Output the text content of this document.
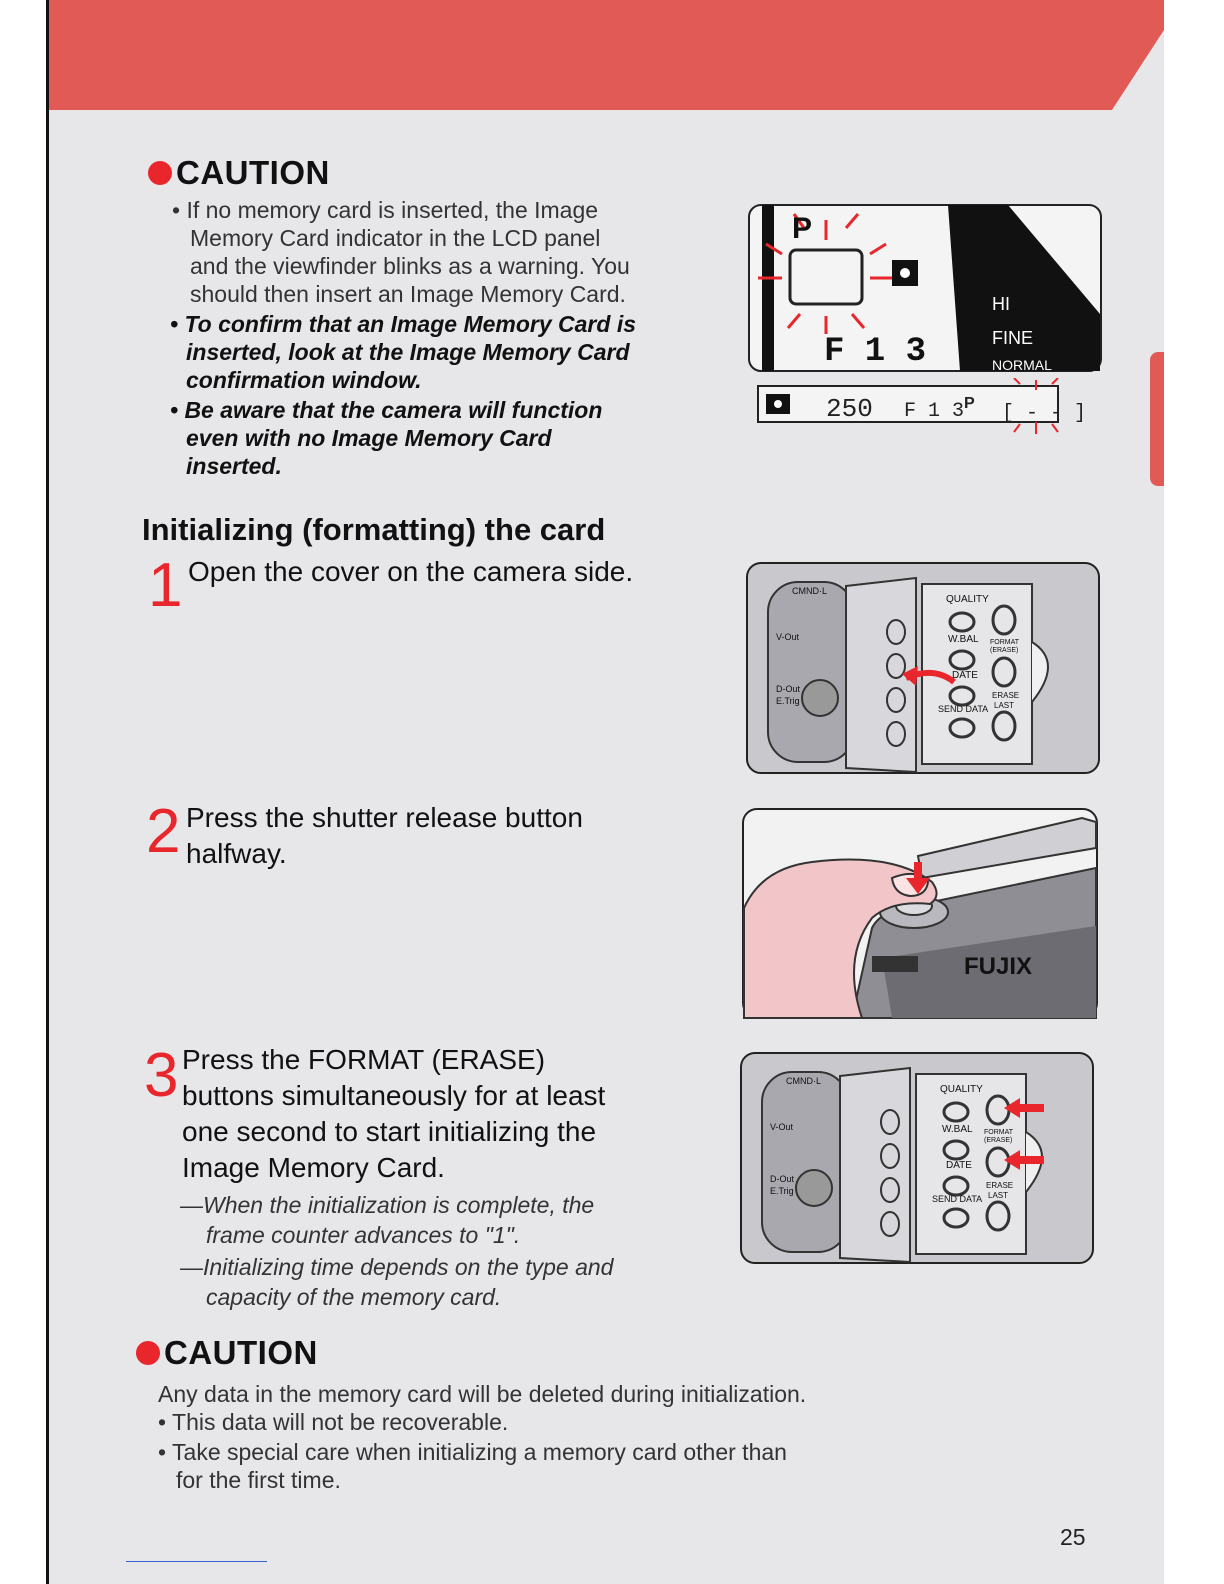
CAUTION
• If no memory card is inserted, the Image
Memory Card indicator in the LCD panel
and the viewfinder blinks as a warning. You
should then insert an Image Memory Card.
• To confirm that an Image Memory Card is
inserted, look at the Image Memory Card
confirmation window.
• Be aware that the camera will function
even with no Image Memory Card
inserted.
P
F 1 3
HI
FINE
NORMAL
250 F 1 3 P [ - - ]
Initializing (formatting) the card
1 Open the cover on the camera side.
CMND·L
V-Out
D-Out
E.Trig
QUALITY
W.BAL
DATE
SEND DATA
FORMAT
(ERASE)
ERASE
LAST
2 Press the shutter release button
halfway.
FUJIX
3 Press the FORMAT (ERASE)
buttons simultaneously for at least
one second to start initializing the
Image Memory Card.
—When the initialization is complete, the
frame counter advances to "1".
—Initializing time depends on the type and
capacity of the memory card.
CMND·L
V-Out
D-Out
E.Trig
QUALITY
W.BAL
DATE
SEND DATA
FORMAT
(ERASE)
ERASE
LAST
CAUTION
Any data in the memory card will be deleted during initialization.
• This data will not be recoverable.
• Take special care when initializing a memory card other than
for the first time.
25
